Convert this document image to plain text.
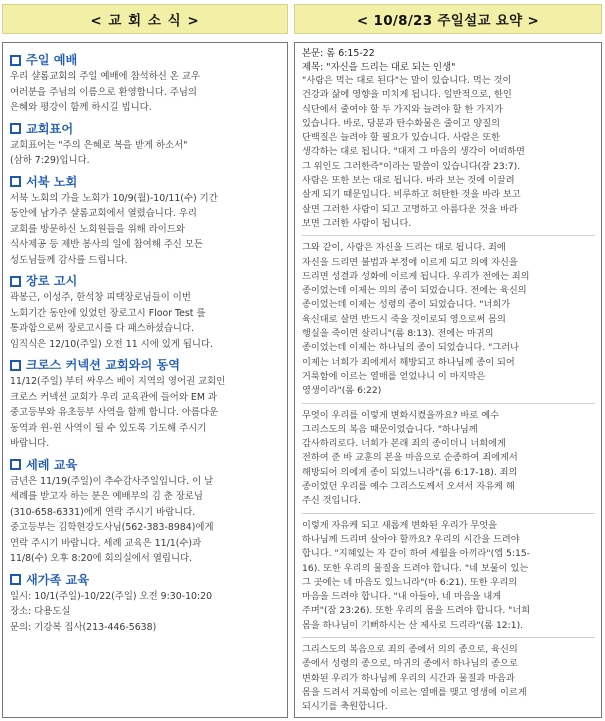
< 교 회 소 식 >	< 10/8/23 주일설교 요약 >
주일 예배
우리 샬롬교회의 주일 예배에 참석하신 온 교우
여러분을 주님의 이름으로 환영합니다. 주님의
은혜와 평강이 함께 하시길 빕니다.
교회표어
교회표어는 "주의 은혜로 복을 받게 하소서"
(삼하 7:29)입니다.
서북 노회
서북 노회의 가을 노회가 10/9(월)-10/11(수) 기간
동안에 남가주 샬롬교회에서 열렸습니다. 우리
교회를 방문하신 노회원들을 위해 라이드와
식사제공 등 제반 봉사의 일에 참여해 주신 모든
성도님들께 감사를 드립니다.
장로 고시
곽봉근, 이성주, 한석창 피택장로님들이 이번
노회기간 동안에 있었던 장로고시 Floor Test 를
통과함으로써 장로고시를 다 패스하셨습니다.
임직식은 12/10(주일) 오전 11 시에 있게 됩니다.
크로스 커넥션 교회와의 동역
11/12(주일) 부터 싸우스 베이 지역의 영어권 교회인
크로스 커넥션 교회가 우리 교육관에 들어와 EM 과
중고등부와 유초등부 사역을 함께 합니다. 아름다운
동역과 윈-윈 사역이 될 수 있도록 기도해 주시기
바랍니다.
세례 교육
금년은 11/19(주일)이 추수감사주일입니다. 이 날
세례를 받고자 하는 분은 예배부의 김 춘 장로님
(310-658-6331)에게 연락 주시기 바랍니다.
중고등부는 김학현강도사님(562-383-8984)에게
연락 주시기 바랍니다. 세례 교육은 11/1(수)과
11/8(수) 오후 8:20에 회의실에서 열립니다.
새가족 교육
일시: 10/1(주일)-10/22(주일) 오전 9:30-10:20
장소: 다용도실
문의: 기강복 집사(213-446-5638)
본문: 롬 6:15-22
제목: "자신을 드리는 대로 되는 인생"
"사람은 먹는 대로 된다"는 말이 있습니다. 먹는 것이
건강과 삶에 영향을 미치게 됩니다. 일반적으로, 한인
식단에서 줄여야 할 두 가지와 늘려야 할 한 가지가
있습니다. 바로, 당분과 탄수화물은 줄이고 양질의
단백질은 늘려야 할 필요가 있습니다. 사람은 또한
생각하는 대로 됩니다. "대저 그 마음의 생각이 어떠하면
그 위인도 그러한즉"이라는 말씀이 있습니다(잠 23:7).
사람은 또한 보는 대로 됩니다. 바라 보는 것에 이끌려
살게 되기 때문입니다. 비루하고 허탄한 것을 바라 보고
살면 그러한 사람이 되고 고명하고 아름다운 것을 바라
보면 그러한 사람이 됩니다.
그와 같이, 사람은 자신을 드리는 대로 됩니다. 죄에
자신을 드리면 불법과 부정에 이르게 되고 의에 자신을
드리면 성결과 성화에 이르게 됩니다. 우리가 전에는 죄의
종이었는데 이제는 의의 종이 되었습니다. 전에는 육신의
종이었는데 이제는 성령의 종이 되었습니다. "너희가
육신대로 살면 반드시 죽을 것이로되 영으로써 몸의
행실을 죽이면 살리니"(롬 8:13). 전에는 마귀의
종이었는데 이제는 하나님의 종이 되었습니다. "그러나
이제는 너희가 죄에게서 해방되고 하나님께 종이 되어
거룩함에 이르는 열매를 얻었나니 이 마지막은
영생이라"(롬 6:22)
무엇이 우리를 이렇게 변화시켰을까요? 바로 예수
그리스도의 복음 때문이었습니다. "하나님께
감사하리로다. 너희가 본래 죄의 종이더니 너희에게
전하여 준 바 교훈의 본을 마음으로 순종하여 죄에게서
해방되어 의에게 종이 되었느니라"(롬 6:17-18). 죄의
종이었던 우리를 예수 그리스도께서 오셔서 자유케 해
주신 것입니다.
이렇게 자유케 되고 새롭게 변화된 우리가 무엇을
하나님께 드리며 살아야 할까요? 우리의 시간을 드려야
합니다. "지혜있는 자 같이 하여 세월을 아끼라"(엡 5:15-
16). 또한 우리의 물질을 드려야 합니다. "네 보물이 있는
그 곳에는 네 마음도 있느니라"(마 6:21). 또한 우리의
마음을 드려야 합니다. "내 아들아, 네 마음을 내게
주며"(잠 23:26). 또한 우리의 몸을 드려야 합니다. "너희
몸을 하나님이 기뻐하시는 산 제사로 드리라"(롬 12:1).
그리스도의 복음으로 죄의 종에서 의의 종으로, 육신의
종에서 성령의 종으로, 마귀의 종에서 하나님의 종으로
변화된 우리가 하나님께 우리의 시간과 물질과 마음과
몸을 드려서 거룩함에 이르는 열매를 맺고 영생에 이르게
되시기를 축원합니다.
